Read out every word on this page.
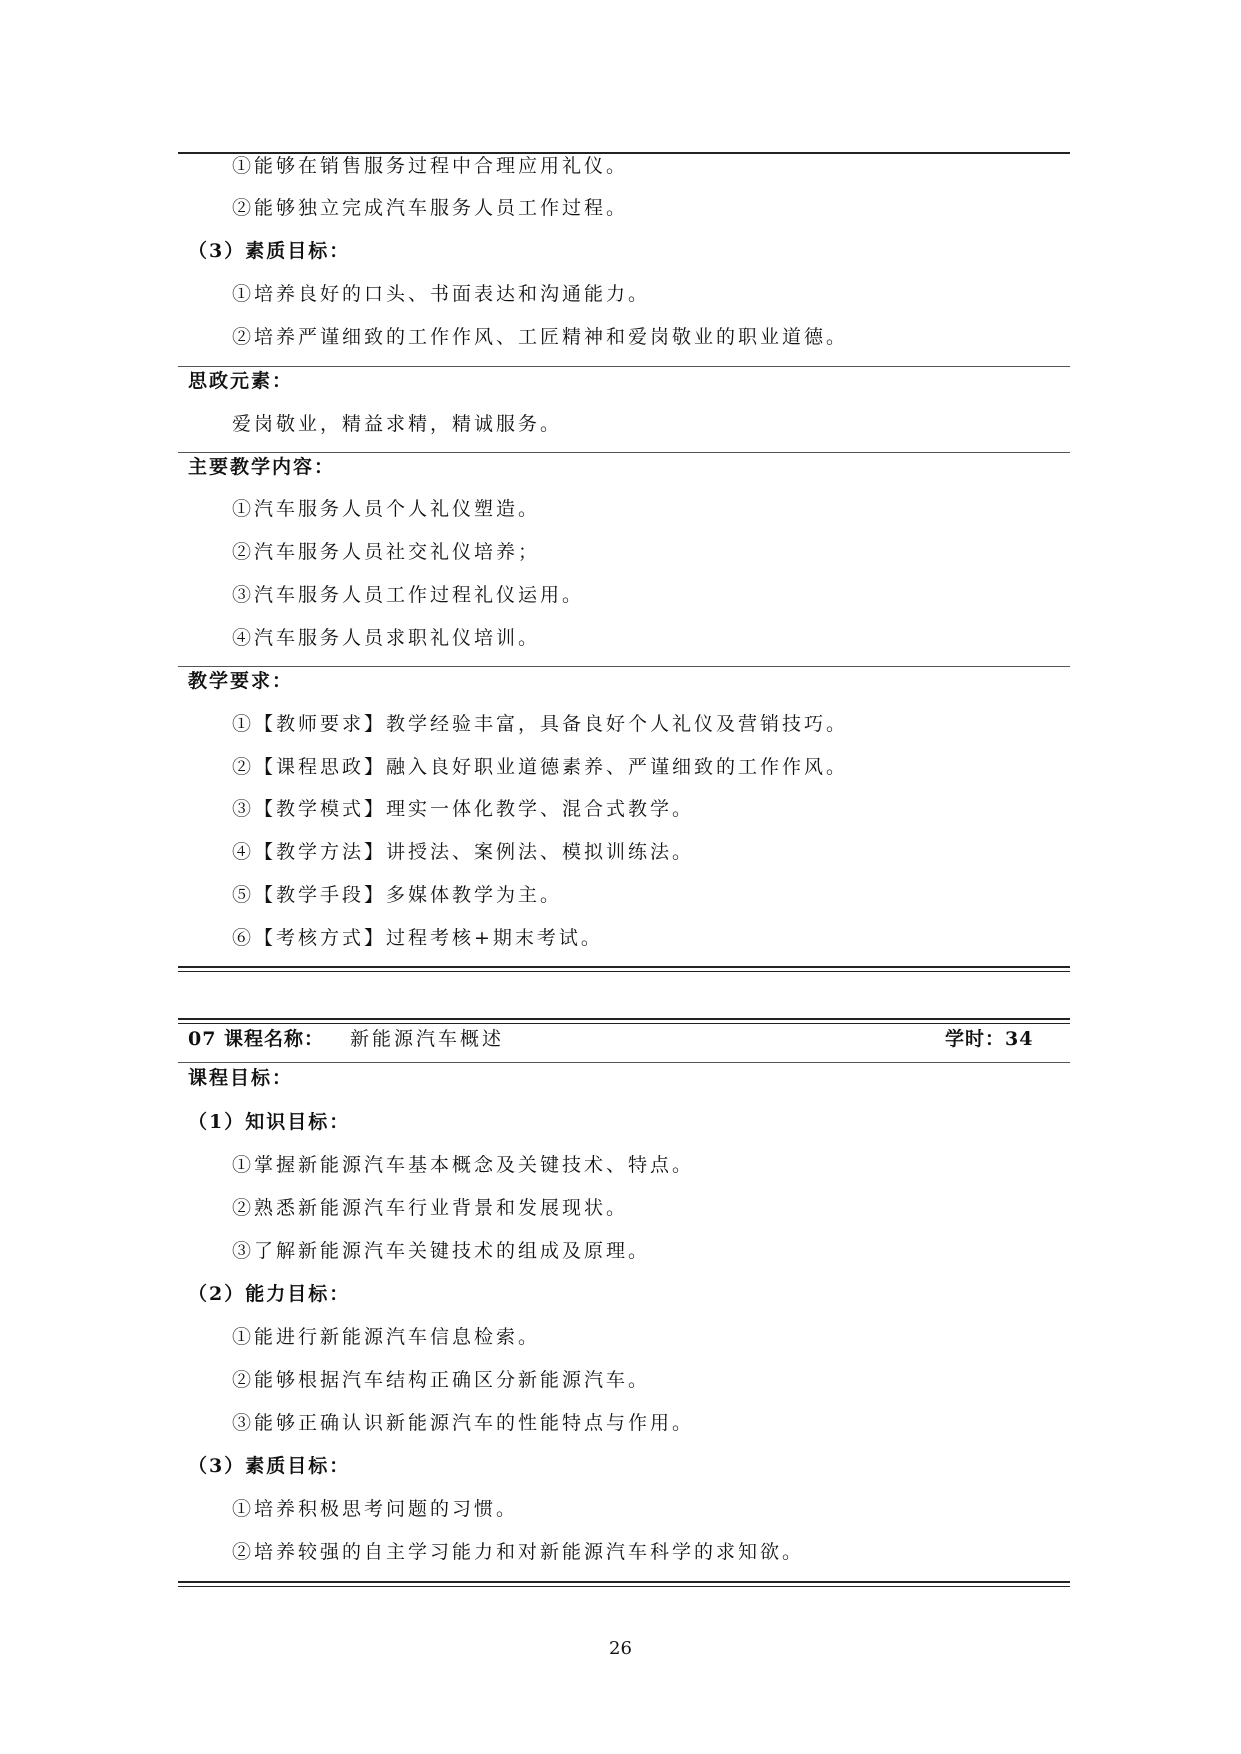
①能够在销售服务过程中合理应用礼仪。
②能够独立完成汽车服务人员工作过程。
（3）素质目标：
①培养良好的口头、书面表达和沟通能力。
②培养严谨细致的工作作风、工匠精神和爱岗敬业的职业道德。
思政元素：
爱岗敬业，精益求精，精诚服务。
主要教学内容：
①汽车服务人员个人礼仪塑造。
②汽车服务人员社交礼仪培养；
③汽车服务人员工作过程礼仪运用。
④汽车服务人员求职礼仪培训。
教学要求：
①【教师要求】教学经验丰富，具备良好个人礼仪及营销技巧。
②【课程思政】融入良好职业道德素养、严谨细致的工作作风。
③【教学模式】理实一体化教学、混合式教学。
④【教学方法】讲授法、案例法、模拟训练法。
⑤【教学手段】多媒体教学为主。
⑥【考核方式】过程考核+期末考试。
07 课程名称： 新能源汽车概述	学时：34
课程目标：
（1）知识目标：
①掌握新能源汽车基本概念及关键技术、特点。
②熟悉新能源汽车行业背景和发展现状。
③了解新能源汽车关键技术的组成及原理。
（2）能力目标：
①能进行新能源汽车信息检索。
②能够根据汽车结构正确区分新能源汽车。
③能够正确认识新能源汽车的性能特点与作用。
（3）素质目标：
①培养积极思考问题的习惯。
②培养较强的自主学习能力和对新能源汽车科学的求知欲。
26
